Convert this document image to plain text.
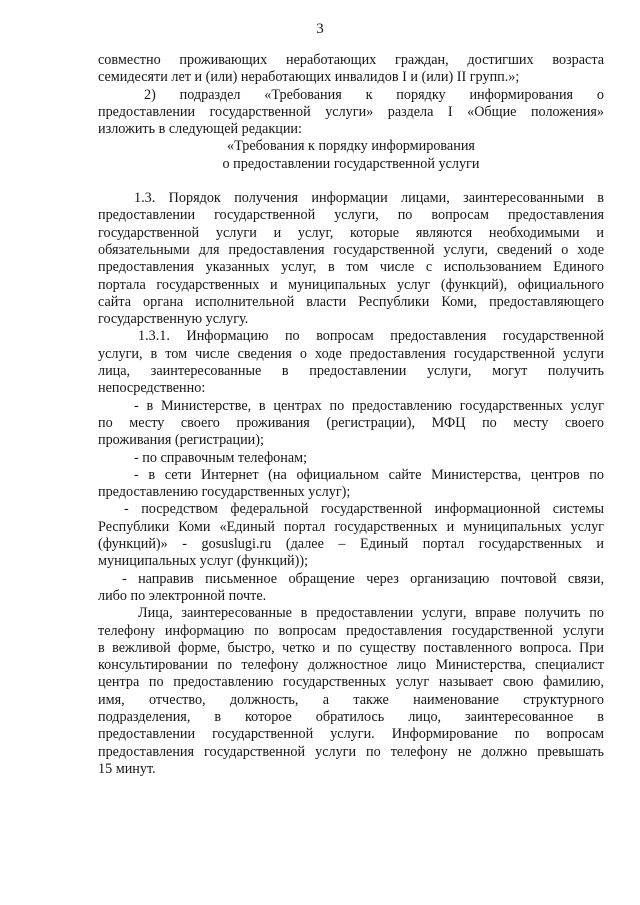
3
совместно проживающих неработающих граждан, достигших возраста
семидесяти лет и (или) неработающих инвалидов I и (или) II групп.»;
2) подраздел «Требования к порядку информирования о
предоставлении государственной услуги» раздела I «Общие положения»
изложить в следующей редакции:
«Требования к порядку информирования
о предоставлении государственной услуги
1.3. Порядок получения информации лицами, заинтересованными в
предоставлении государственной услуги, по вопросам предоставления
государственной услуги и услуг, которые являются необходимыми и
обязательными для предоставления государственной услуги, сведений о ходе
предоставления указанных услуг, в том числе с использованием Единого
портала государственных и муниципальных услуг (функций), официального
сайта органа исполнительной власти Республики Коми, предоставляющего
государственную услугу.
1.3.1. Информацию по вопросам предоставления государственной
услуги, в том числе сведения о ходе предоставления государственной услуги
лица, заинтересованные в предоставлении услуги, могут получить
непосредственно:
- в Министерстве, в центрах по предоставлению государственных услуг
по месту своего проживания (регистрации), МФЦ по месту своего
проживания (регистрации);
- по справочным телефонам;
- в сети Интернет (на официальном сайте Министерства, центров по
предоставлению государственных услуг);
- посредством федеральной государственной информационной системы
Республики Коми «Единый портал государственных и муниципальных услуг
(функций)» - gosuslugi.ru (далее – Единый портал государственных и
муниципальных услуг (функций));
- направив письменное обращение через организацию почтовой связи,
либо по электронной почте.
Лица, заинтересованные в предоставлении услуги, вправе получить по
телефону информацию по вопросам предоставления государственной услуги
в вежливой форме, быстро, четко и по существу поставленного вопроса. При
консультировании по телефону должностное лицо Министерства, специалист
центра по предоставлению государственных услуг называет свою фамилию,
имя, отчество, должность, а также наименование структурного
подразделения, в которое обратилось лицо, заинтересованное в
предоставлении государственной услуги. Информирование по вопросам
предоставления государственной услуги по телефону не должно превышать
15 минут.
